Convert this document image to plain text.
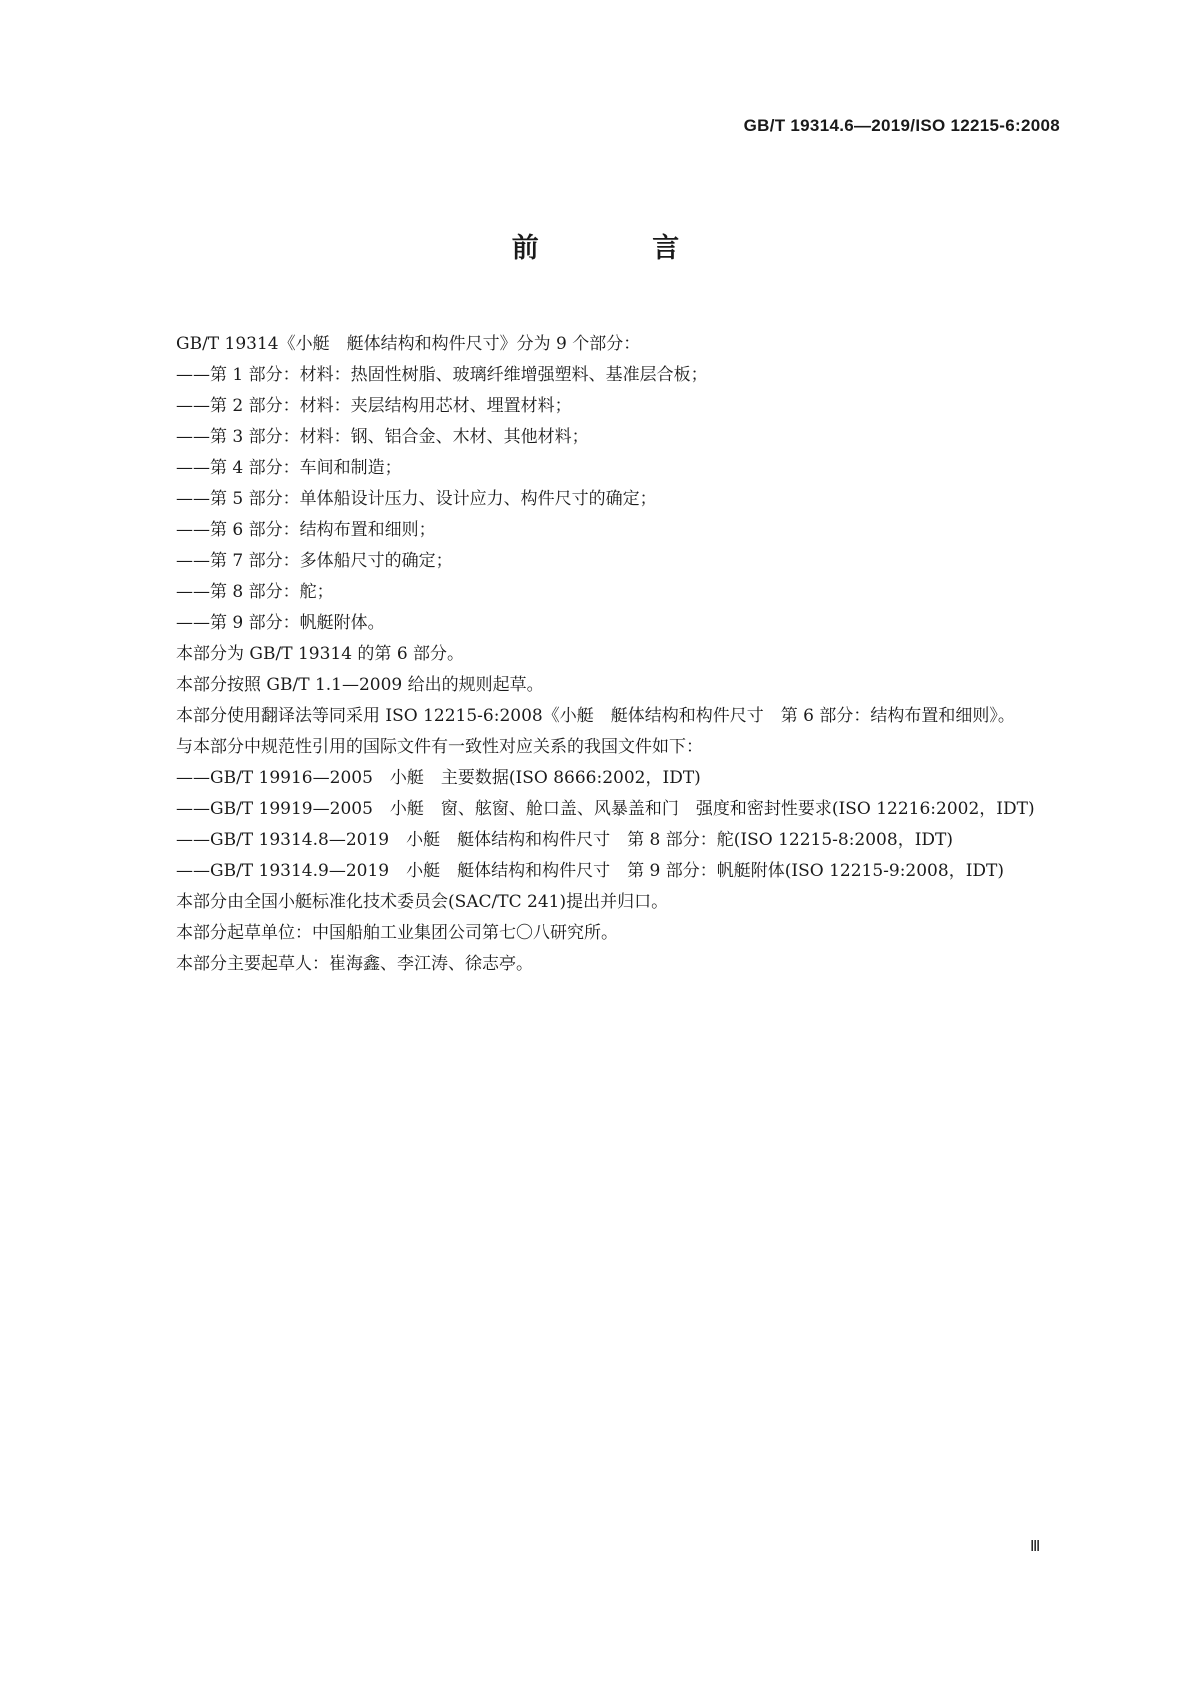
GB/T 19314.6—2019/ISO 12215-6:2008
前 言

GB/T 19314《小艇　艇体结构和构件尺寸》分为 9 个部分：

——第 1 部分：材料：热固性树脂、玻璃纤维增强塑料、基准层合板；

——第 2 部分：材料：夹层结构用芯材、埋置材料；

——第 3 部分：材料：钢、铝合金、木材、其他材料；

——第 4 部分：车间和制造；

——第 5 部分：单体船设计压力、设计应力、构件尺寸的确定；

——第 6 部分：结构布置和细则；

——第 7 部分：多体船尺寸的确定；

——第 8 部分：舵；

——第 9 部分：帆艇附体。

本部分为 GB/T 19314 的第 6 部分。

本部分按照 GB/T 1.1—2009 给出的规则起草。

本部分使用翻译法等同采用 ISO 12215-6:2008《小艇　艇体结构和构件尺寸　第 6 部分：结构布置和细则》。

与本部分中规范性引用的国际文件有一致性对应关系的我国文件如下：

——GB/T 19916—2005　小艇　主要数据(ISO 8666:2002，IDT)

——GB/T 19919—2005　小艇　窗、舷窗、舱口盖、风暴盖和门　强度和密封性要求(ISO 12216:2002，IDT)

——GB/T 19314.8—2019　小艇　艇体结构和构件尺寸　第 8 部分：舵(ISO 12215-8:2008，IDT)

——GB/T 19314.9—2019　小艇　艇体结构和构件尺寸　第 9 部分：帆艇附体(ISO 12215-9:2008，IDT)

本部分由全国小艇标准化技术委员会(SAC/TC 241)提出并归口。

本部分起草单位：中国船舶工业集团公司第七〇八研究所。

本部分主要起草人：崔海鑫、李江涛、徐志亭。

Ⅲ
